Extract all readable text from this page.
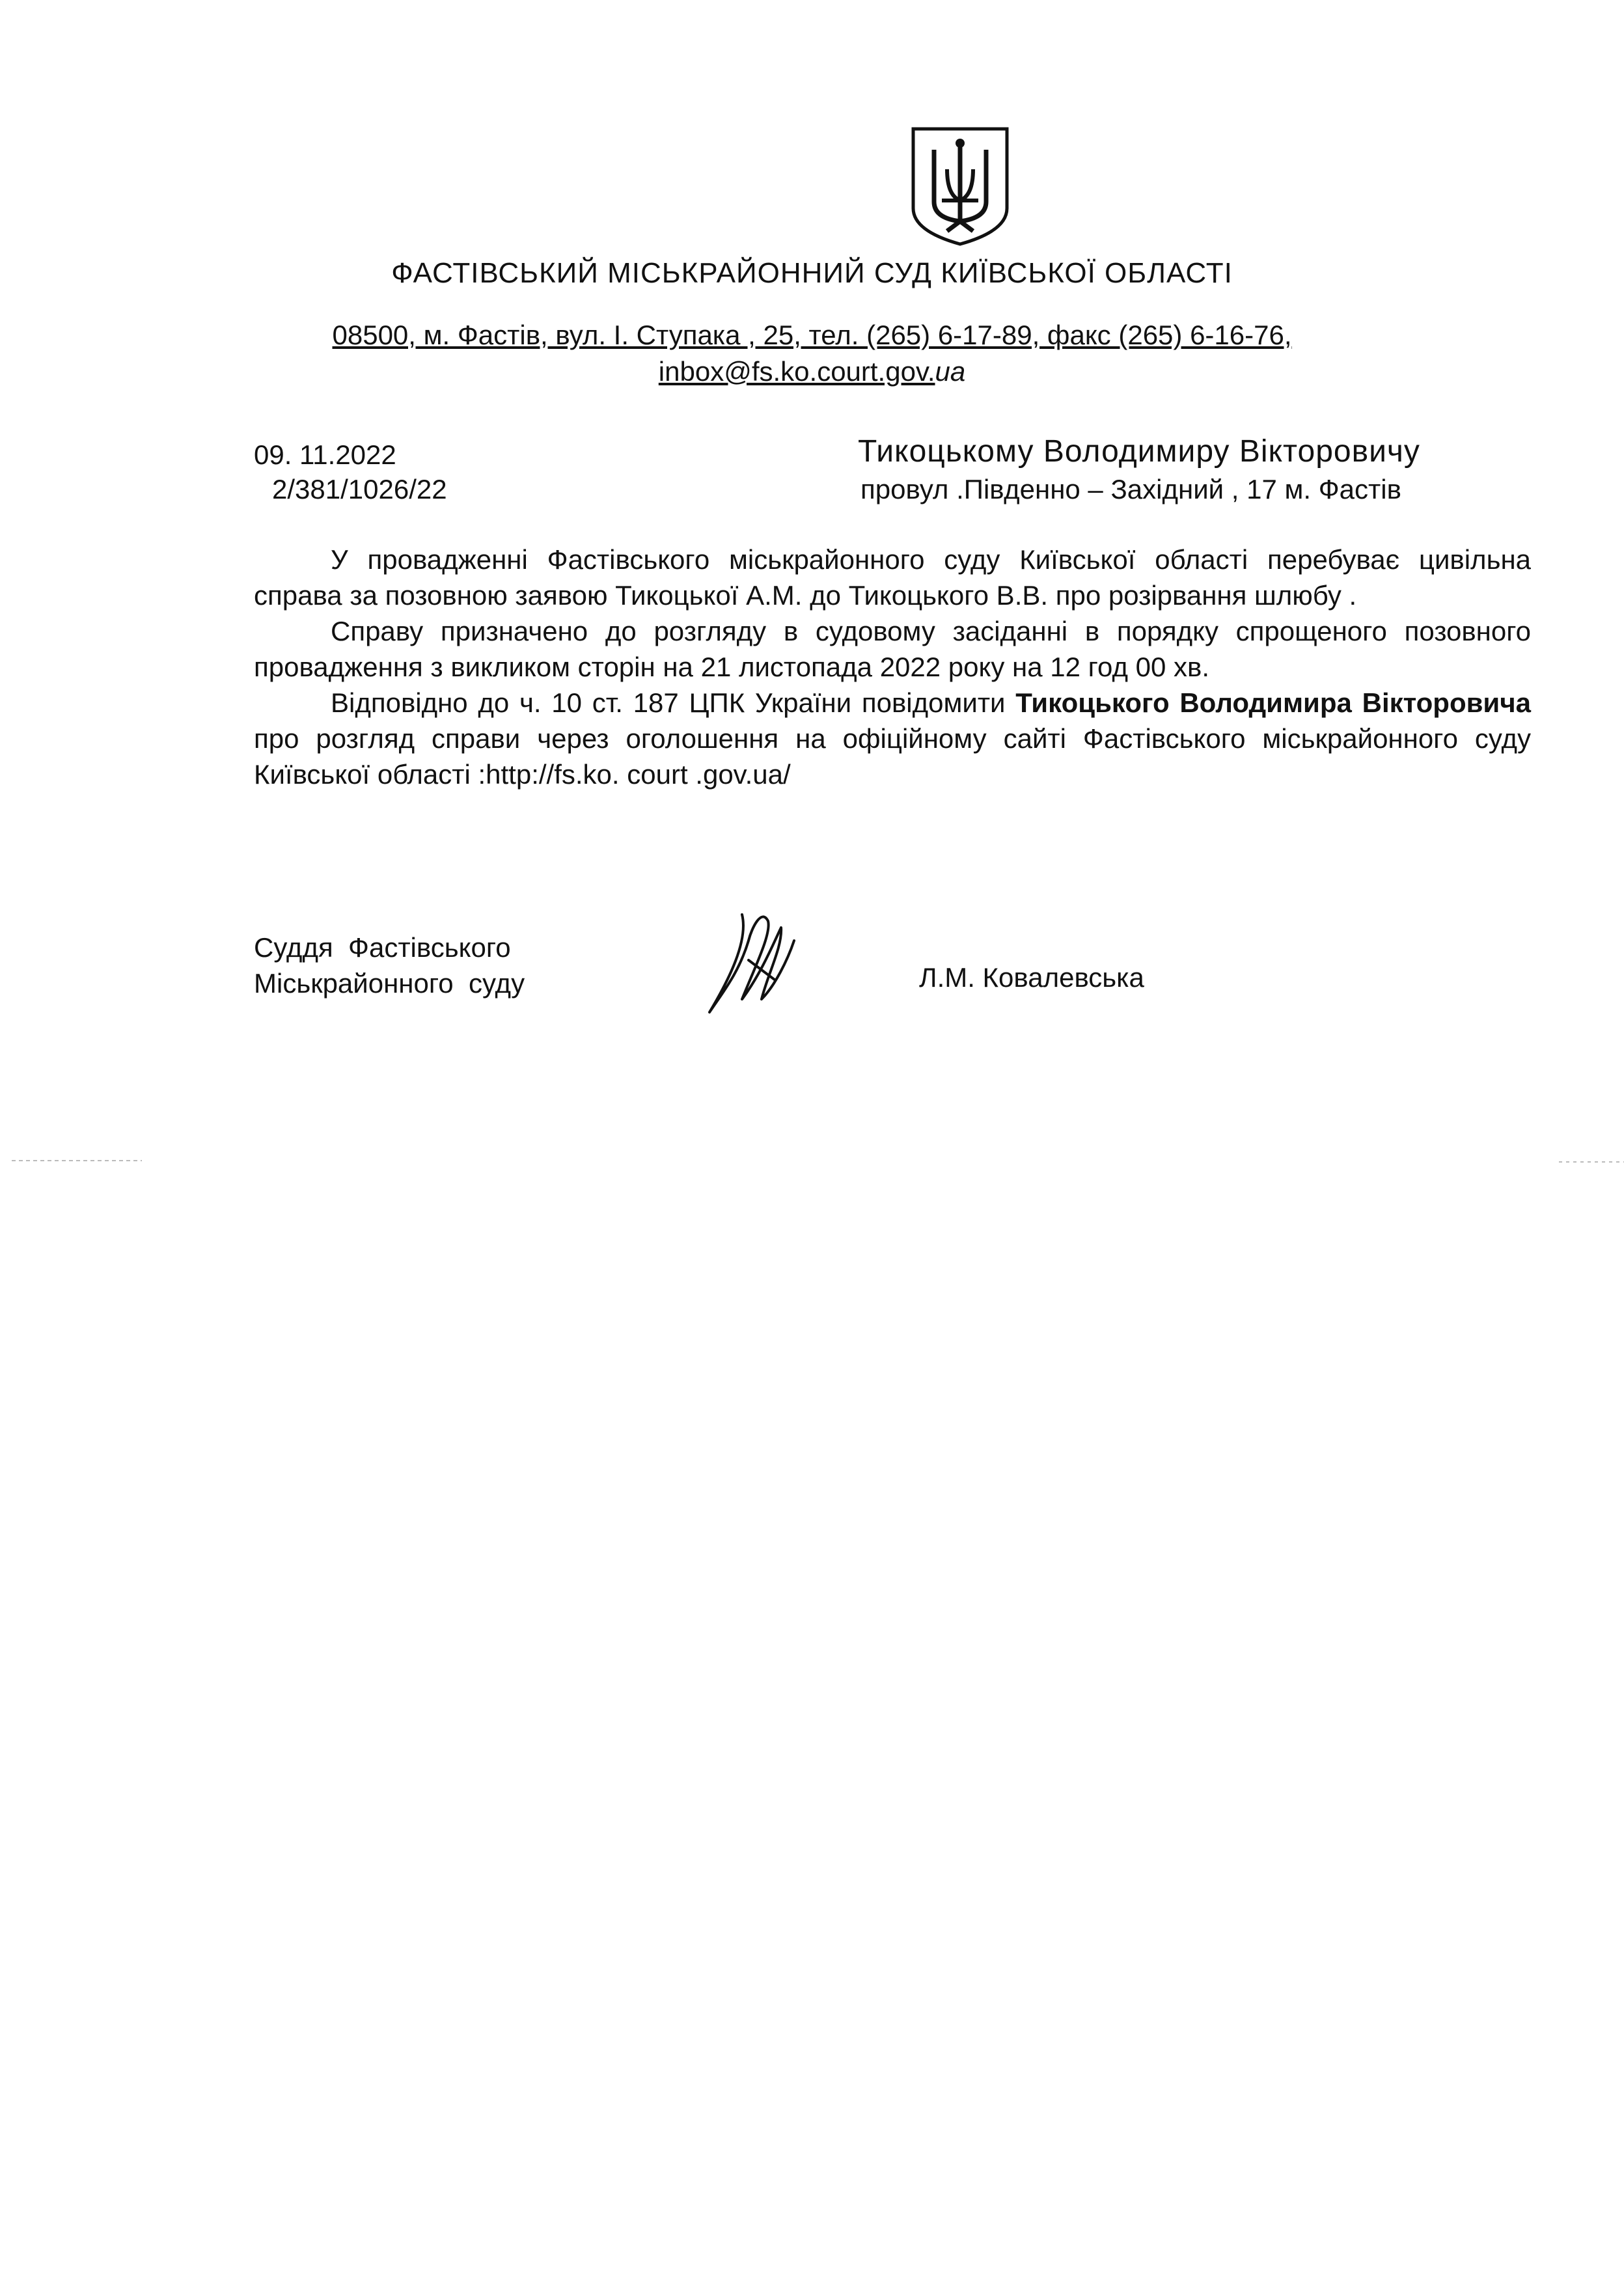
ФАСТІВСЬКИЙ МІСЬКРАЙОННИЙ СУД КИЇВСЬКОЇ ОБЛАСТІ
08500, м. Фастів, вул. І. Ступака , 25, тел. (265) 6-17-89, факс (265) 6-16-76,
inbox@fs.ko.court.gov.ua
09. 11.2022
2/381/1026/22
Тикоцькому Володимиру Вікторовичу
провул .Південно – Західний , 17 м. Фастів

У провадженні Фастівського міськрайонного суду Київської області перебуває цивільна справа за позовною заявою Тикоцької А.М. до Тикоцького В.В. про розірвання шлюбу .

Справу призначено до розгляду в судовому засіданні в порядку спрощеного позовного провадження з викликом сторін на 21 листопада 2022 року на 12 год 00 хв.

Відповідно до ч. 10 ст. 187 ЦПК України повідомити Тикоцького Володимира Вікторовича про розгляд справи через оголошення на офіційному сайті Фастівського міськрайонного суду Київської області :http://fs.ko. court .gov.ua/

Суддя  Фастівського
Міськрайонного  суду	Л.М. Ковалевська
